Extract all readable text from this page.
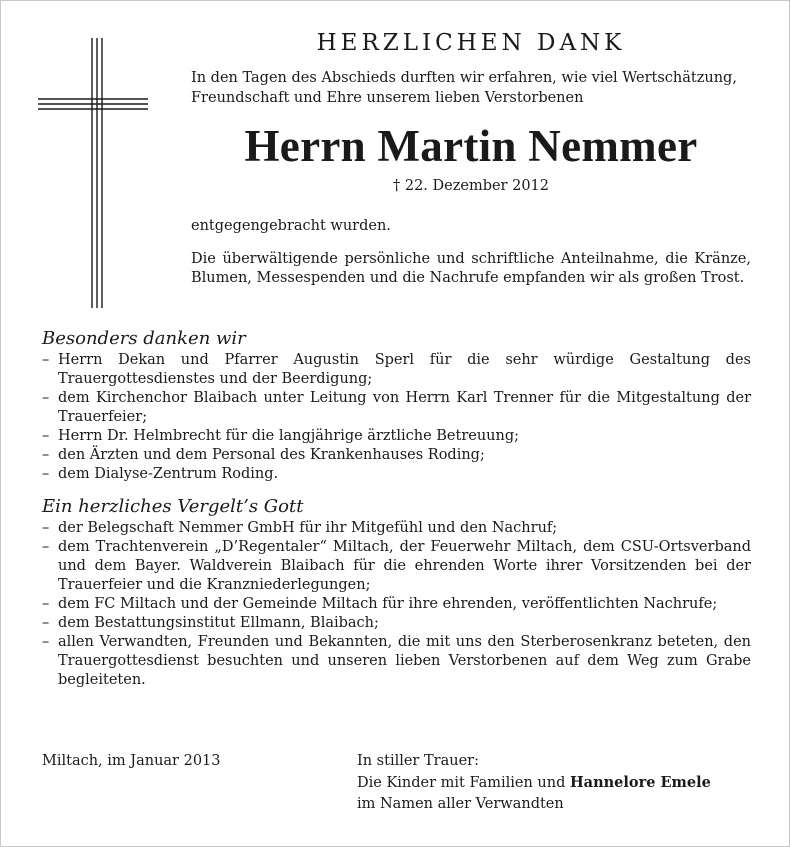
HERZLICHEN DANK

In den Tagen des Abschieds durften wir erfahren, wie viel Wertschätzung, Freundschaft und Ehre unserem lieben Verstorbenen

Herrn Martin Nemmer

† 22. Dezember 2012

entgegengebracht wurden.

Die überwältigende persönliche und schriftliche Anteilnahme, die Kränze, Blumen, Messespenden und die Nachrufe empfanden wir als großen Trost.

Besonders danken wir
– Herrn Dekan und Pfarrer Augustin Sperl für die sehr würdige Gestaltung des Trauergottesdienstes und der Beerdigung;
– dem Kirchenchor Blaibach unter Leitung von Herrn Karl Trenner für die Mitgestaltung der Trauerfeier;
– Herrn Dr. Helmbrecht für die langjährige ärztliche Betreuung;
– den Ärzten und dem Personal des Krankenhauses Roding;
– dem Dialyse-Zentrum Roding.
Ein herzliches Vergelt’s Gott
– der Belegschaft Nemmer GmbH für ihr Mitgefühl und den Nachruf;
– dem Trachtenverein „D’Regentaler“ Miltach, der Feuerwehr Miltach, dem CSU-Ortsverband und dem Bayer. Waldverein Blaibach für die ehrenden Worte ihrer Vorsitzenden bei der Trauerfeier und die Kranzniederlegungen;
– dem FC Miltach und der Gemeinde Miltach für ihre ehrenden, veröffentlichten Nachrufe;
– dem Bestattungsinstitut Ellmann, Blaibach;
– allen Verwandten, Freunden und Bekannten, die mit uns den Sterberosenkranz beteten, den Trauergottesdienst besuchten und unseren lieben Verstorbenen auf dem Weg zum Grabe begleiteten.
Miltach, im Januar 2013	In stiller Trauer:
Die Kinder mit Familien und Hannelore Emele
im Namen aller Verwandten
